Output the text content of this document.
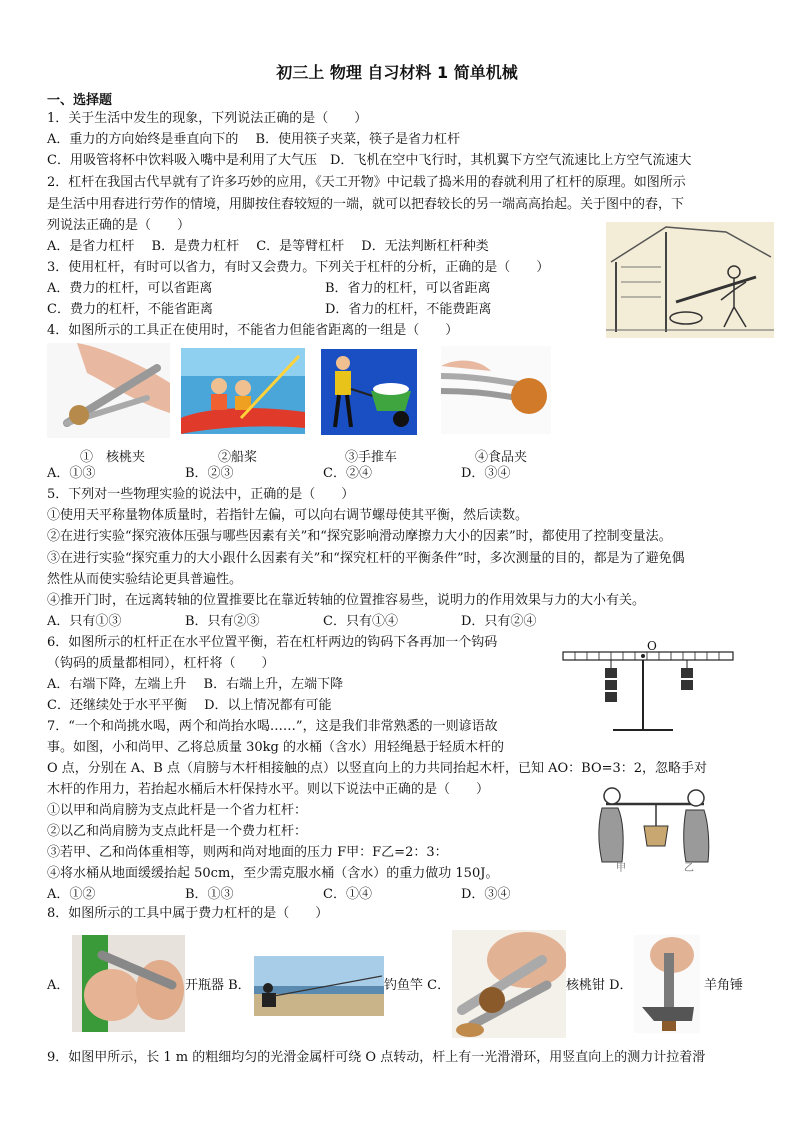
初三上 物理 自习材料 1 简单机械
一、选择题
1．关于生活中发生的现象，下列说法正确的是（　　）
A．重力的方向始终是垂直向下的　 B．使用筷子夹菜，筷子是省力杠杆
C．用吸管将杯中饮料吸入嘴中是利用了大气压　D．飞机在空中飞行时，其机翼下方空气流速比上方空气流速大
2．杠杆在我国古代早就有了许多巧妙的应用，《天工开物》中记载了捣米用的舂就利用了杠杆的原理。如图所示
是生活中用舂进行劳作的情境，用脚按住舂较短的一端，就可以把舂较长的另一端高高抬起。关于图中的舂，下
列说法正确的是（　　）
A．是省力杠杆　 B．是费力杠杆　 C．是等臂杠杆　 D．无法判断杠杆种类
3．使用杠杆，有时可以省力，有时又会费力。下列关于杠杆的分析，正确的是（　　）
A．费力的杠杆，可以省距离	B．省力的杠杆，可以省距离
C．费力的杠杆，不能省距离	D．省力的杠杆，不能费距离
4．如图所示的工具正在使用时，不能省力但能省距离的一组是（　　）
①　核桃夹	②船桨	③手推车	④食品夹
A．①③	B．②③	C．②④	D．③④
5．下列对一些物理实验的说法中，正确的是（　　）
①使用天平称量物体质量时，若指针左偏，可以向右调节螺母使其平衡，然后读数。
②在进行实验“探究液体压强与哪些因素有关”和“探究影响滑动摩擦力大小的因素”时，都使用了控制变量法。
③在进行实验“探究重力的大小跟什么因素有关”和“探究杠杆的平衡条件”时，多次测量的目的，都是为了避免偶
然性从而使实验结论更具普遍性。
④推开门时，在远离转轴的位置推要比在靠近转轴的位置推容易些，说明力的作用效果与力的大小有关。
A．只有①③	B．只有②③	C．只有①④	D．只有②④
6．如图所示的杠杆正在水平位置平衡，若在杠杆两边的钩码下各再加一个钩码
（钩码的质量都相同），杠杆将（　　）
A．右端下降，左端上升　 B．右端上升，左端下降
C．还继续处于水平平衡　 D．以上情况都有可能
O
7．“一个和尚挑水喝，两个和尚抬水喝……”，这是我们非常熟悉的一则谚语故
事。如图，小和尚甲、乙将总质量 30kg 的水桶（含水）用轻绳悬于轻质木杆的
O 点，分别在 A、B 点（肩膀与木杆相接触的点）以竖直向上的力共同抬起木杆，已知 AO：BO=3：2，忽略手对
木杆的作用力，若抬起水桶后木杆保持水平。则以下说法中正确的是（　　）
①以甲和尚肩膀为支点此杆是一个省力杠杆：
②以乙和尚肩膀为支点此杆是一个费力杠杆：
③若甲、乙和尚体重相等，则两和尚对地面的压力 F甲：F乙=2：3：
④将水桶从地面缓缓抬起 50cm，至少需克服水桶（含水）的重力做功 150J。
A．①②	B．①③	C．①④	D．③④
甲	乙
8．如图所示的工具中属于费力杠杆的是（　　）
A．	开瓶器 B．	钓鱼竿 C．	核桃钳 D．	羊角锤
9．如图甲所示，长 1 m 的粗细均匀的光滑金属杆可绕 O 点转动，杆上有一光滑滑环，用竖直向上的测力计拉着滑
